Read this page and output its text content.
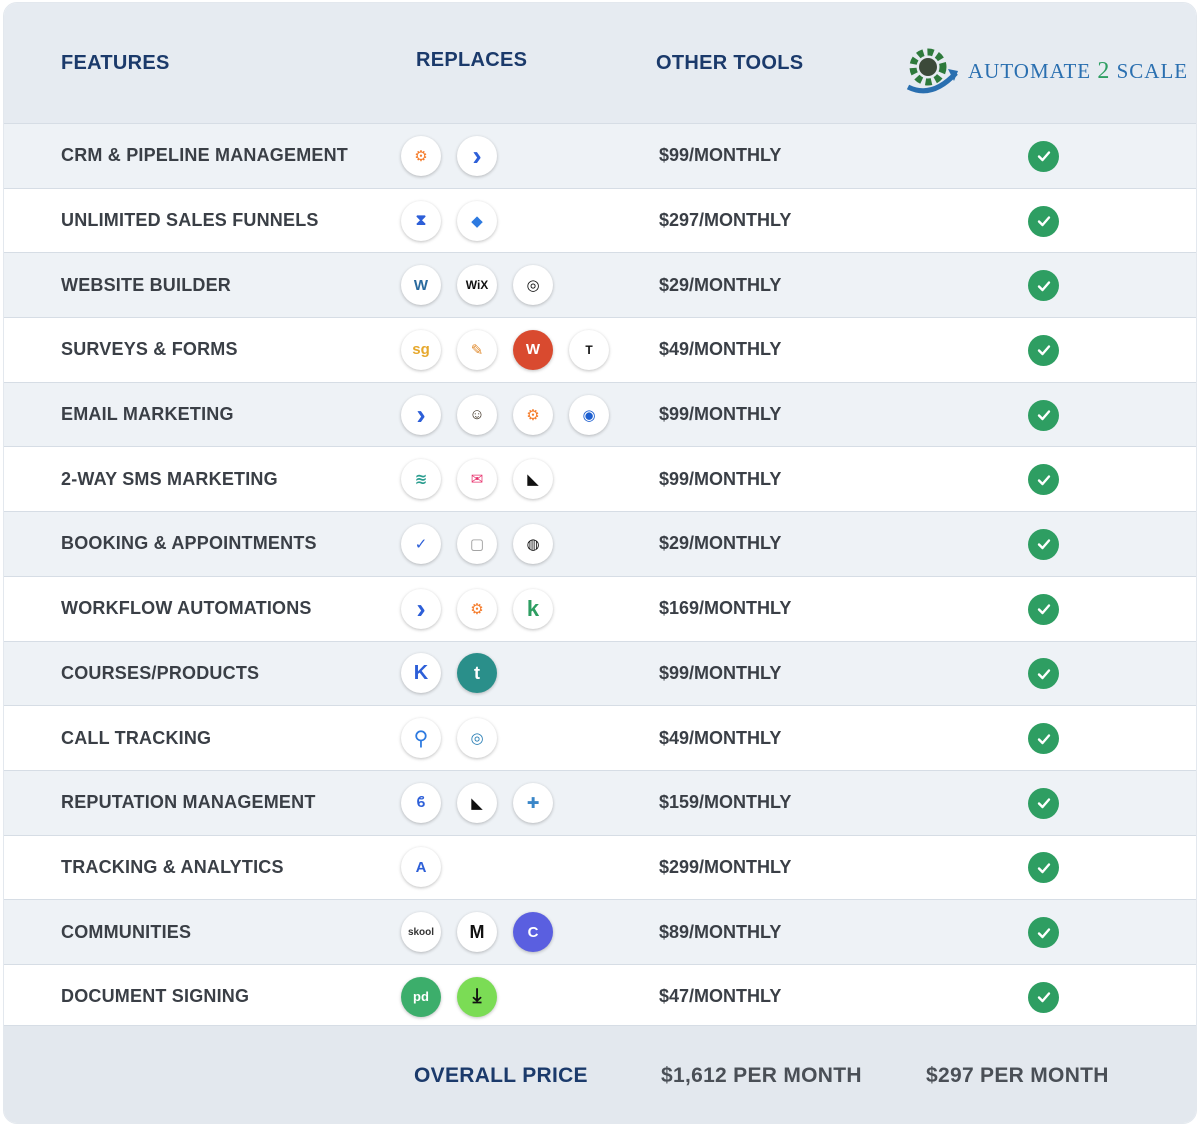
FEATURES	REPLACES	OTHER TOOLS	AUTOMATE 2 SCALE
CRM & PIPELINE MANAGEMENT	⚙	›	$99/MONTHLY
UNLIMITED SALES FUNNELS	⧗	◆	$297/MONTHLY
WEBSITE BUILDER	W	WiX	◎	$29/MONTHLY
SURVEYS & FORMS	sg	✎	W	T	$49/MONTHLY
EMAIL MARKETING	›	☺	⚙	◉	$99/MONTHLY
2-WAY SMS MARKETING	≋	✉	◣	$99/MONTHLY
BOOKING & APPOINTMENTS	✓	▢	◍	$29/MONTHLY
WORKFLOW AUTOMATIONS	›	⚙	k	$169/MONTHLY
COURSES/PRODUCTS	K	t	$99/MONTHLY
CALL TRACKING	⚲	◎	$49/MONTHLY
REPUTATION MANAGEMENT	ϐ	◣	✚	$159/MONTHLY
TRACKING & ANALYTICS	A	$299/MONTHLY
COMMUNITIES	skool	M	C	$89/MONTHLY
DOCUMENT SIGNING	pd	⤓	$47/MONTHLY
OVERALL PRICE	$1,612 PER MONTH	$297 PER MONTH
